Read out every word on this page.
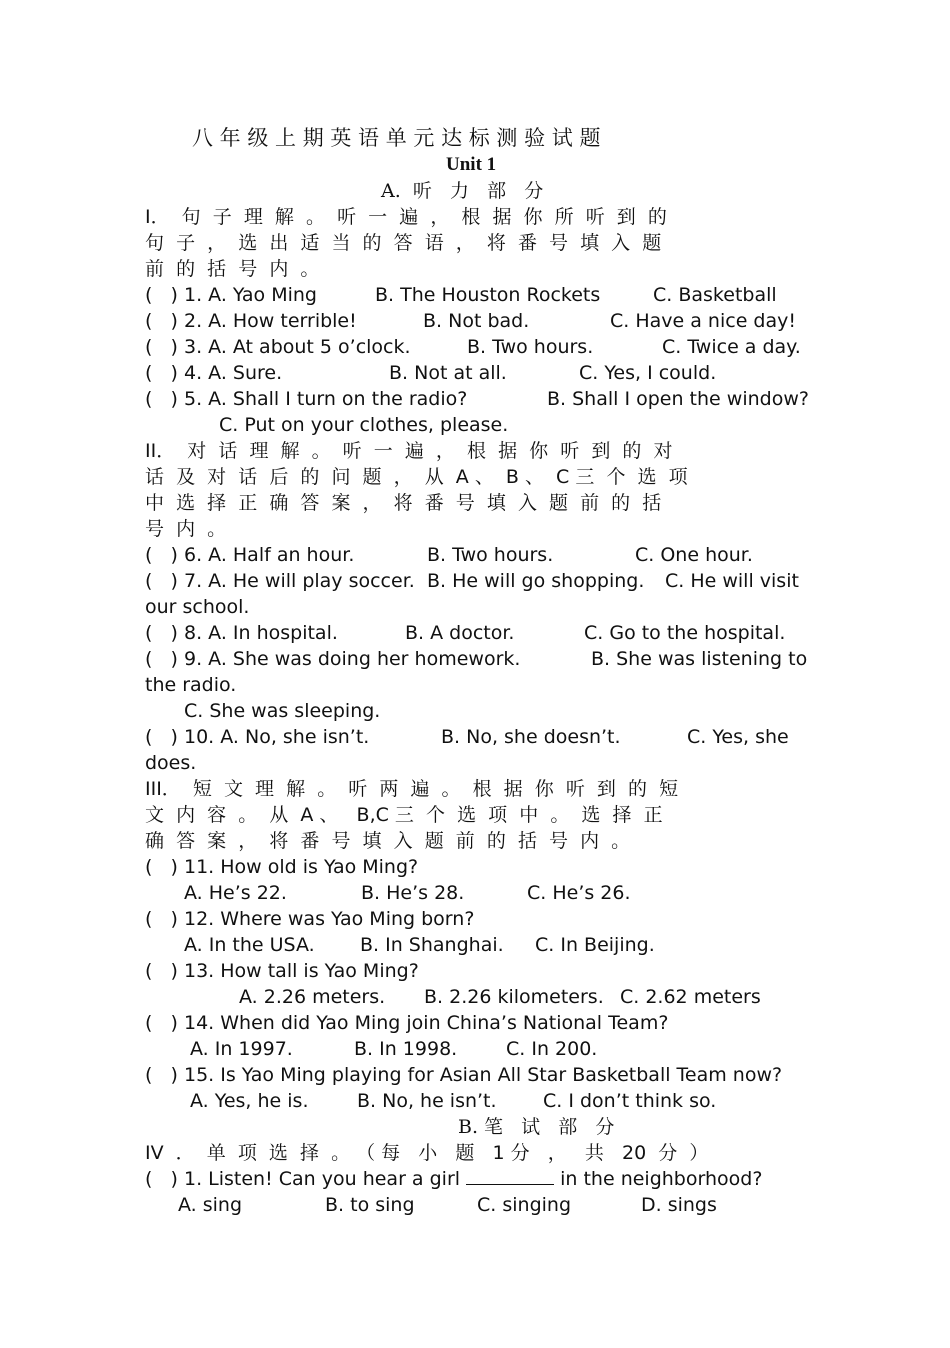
八 年 级 上 期 英 语 单 元 达 标 测 验 试 题

Unit 1

A.  听   力   部   分

I．  句  子  理  解  。  听  一  遍  ，  根  据  你  所  听  到  的
句  子  ，  选  出  适  当  的  答  语  ，  将  番  号  填  入  题
前  的  括  号  内  。

(   ) 1. A. Yao Ming

	B. The Houston Rockets

	C. Basketball

(   ) 2. A. How terrible!

	B. Not bad.

	C. Have a nice day!

(   ) 3. A. At about 5 o’clock.

	B. Two hours.

	C. Twice a day.

(   ) 4. A. Sure.

	B. Not at all.

	C. Yes, I could.

(   ) 5. A. Shall I turn on the radio?

	B. Shall I open the window?

C. Put on your clothes, please.

II．  对  话  理  解  。  听  一  遍  ，  根  据  你  听  到  的  对
话  及  对  话  后  的  问  题  ，  从  A 、  B 、  C 三  个  选  项
中  选  择  正  确  答  案  ，  将  番  号  填  入  题  前  的  括
号  内  。

(   ) 6. A. Half an hour.

	B. Two hours.

	C. One hour.

(   ) 7. A. He will play soccer.

B. He will go shopping.

C. He will visit

our school.

(   ) 8. A. In hospital.

	B. A doctor.

	C. Go to the hospital.

(   ) 9. A. She was doing her homework.

	B. She was listening to

the radio.

C. She was sleeping.

(   ) 10. A. No, she isn’t.

	B. No, she doesn’t.

	C. Yes, she

does.

III．  短  文  理  解  。  听  两  遍  。  根  据  你  听  到  的  短
文  内  容  。  从  A 、   B,C 三  个  选  项  中  。  选  择  正
确  答  案  ，  将  番  号  填  入  题  前  的  括  号  内  。
(   ) 11. How old is Yao Ming?

A. He’s 22.

	B. He’s 28.

	C. He’s 26.

(   ) 12. Where was Yao Ming born?

A. In the USA.

B. In Shanghai.

C. In Beijing.

(   ) 13. How tall is Yao Ming?

A. 2.26 meters.

B. 2.26 kilometers.

C. 2.62 meters

(   ) 14. When did Yao Ming join China’s National Team?

A. In 1997.

	B. In 1998.

	C. In 200.

(   ) 15. Is Yao Ming playing for Asian All Star Basketball Team now?

A. Yes, he is.

	B. No, he isn’t.

C. I don’t think so.

B. 笔   试   部   分

IV  ．  单  项  选  择  。 （ 每   小   题   1 分   ，   共   20  分  ）

(   ) 1. Listen! Can you hear a girl	in the neighborhood?

A. sing

	B. to sing

	C. singing

	D. sings
